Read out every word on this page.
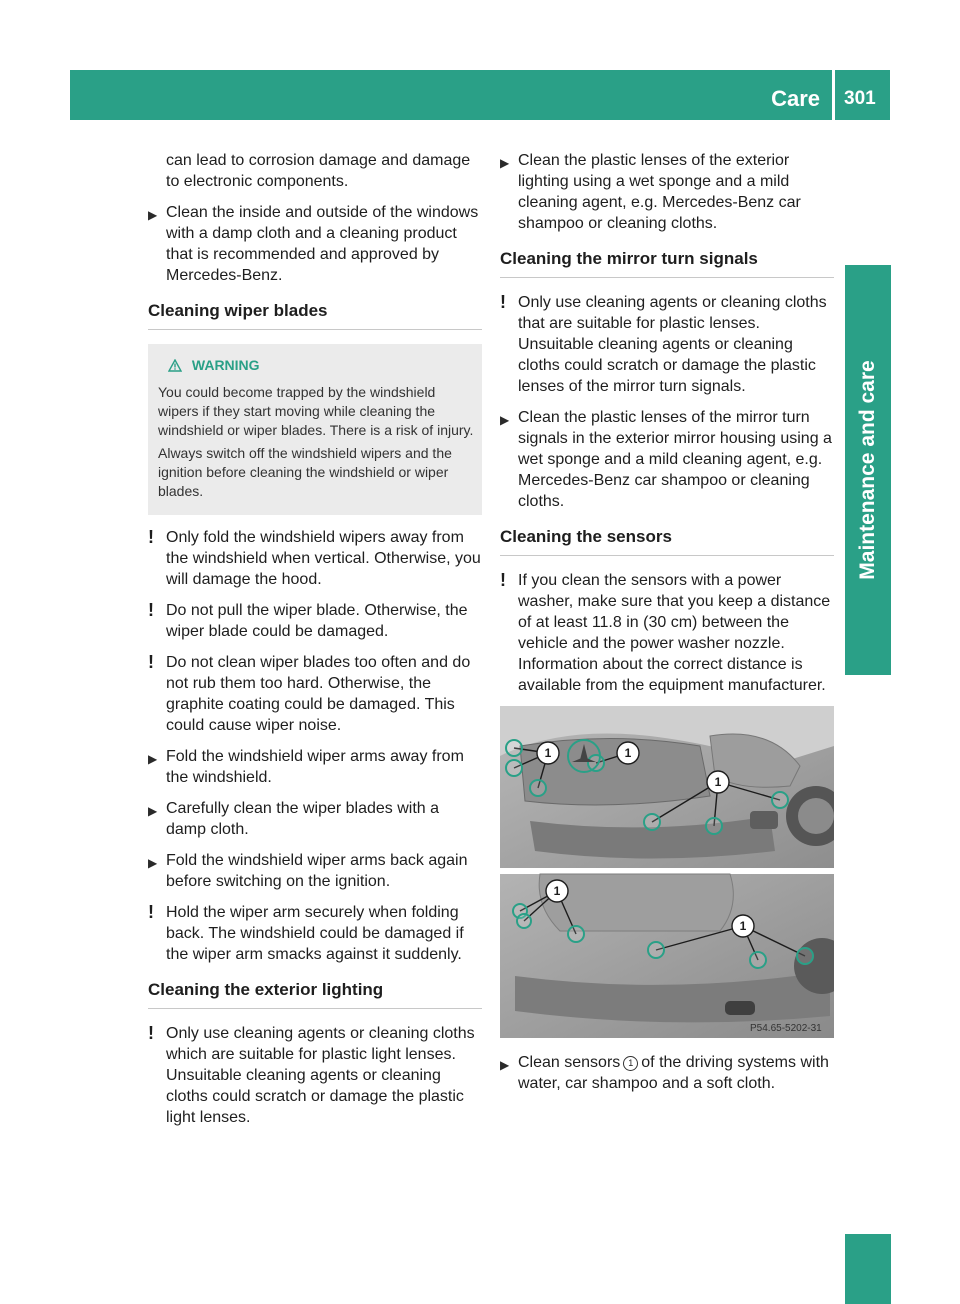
Care 301
Maintenance and care

can lead to corrosion damage and damage to electronic components.

▶ Clean the inside and outside of the windows with a damp cloth and a cleaning product that is recommended and approved by Mercedes-Benz.
Cleaning wiper blades
WARNING

You could become trapped by the windshield wipers if they start moving while cleaning the windshield or wiper blades. There is a risk of injury.

Always switch off the windshield wipers and the ignition before cleaning the windshield or wiper blades.

! Only fold the windshield wipers away from the windshield when vertical. Otherwise, you will damage the hood.
! Do not pull the wiper blade. Otherwise, the wiper blade could be damaged.
! Do not clean wiper blades too often and do not rub them too hard. Otherwise, the graphite coating could be damaged. This could cause wiper noise.
▶ Fold the windshield wiper arms away from the windshield.
▶ Carefully clean the wiper blades with a damp cloth.
▶ Fold the windshield wiper arms back again before switching on the ignition.
! Hold the wiper arm securely when folding back. The windshield could be damaged if the wiper arm smacks against it suddenly.
Cleaning the exterior lighting
! Only use cleaning agents or cleaning cloths which are suitable for plastic light lenses. Unsuitable cleaning agents or cleaning cloths could scratch or damage the plastic light lenses.
▶ Clean the plastic lenses of the exterior lighting using a wet sponge and a mild cleaning agent, e.g. Mercedes-Benz car shampoo or cleaning cloths.
Cleaning the mirror turn signals
! Only use cleaning agents or cleaning cloths that are suitable for plastic lenses. Unsuitable cleaning agents or cleaning cloths could scratch or damage the plastic lenses of the mirror turn signals.
▶ Clean the plastic lenses of the mirror turn signals in the exterior mirror housing using a wet sponge and a mild cleaning agent, e.g. Mercedes-Benz car shampoo or cleaning cloths.
Cleaning the sensors
! If you clean the sensors with a power washer, make sure that you keep a distance of at least 11.8 in (30 cm) between the vehicle and the power washer nozzle. Information about the correct distance is available from the equipment manufacturer.
P54.65-5202-31
1	1
1
1
1
▶ Clean sensors 1 of the driving systems with water, car shampoo and a soft cloth.
